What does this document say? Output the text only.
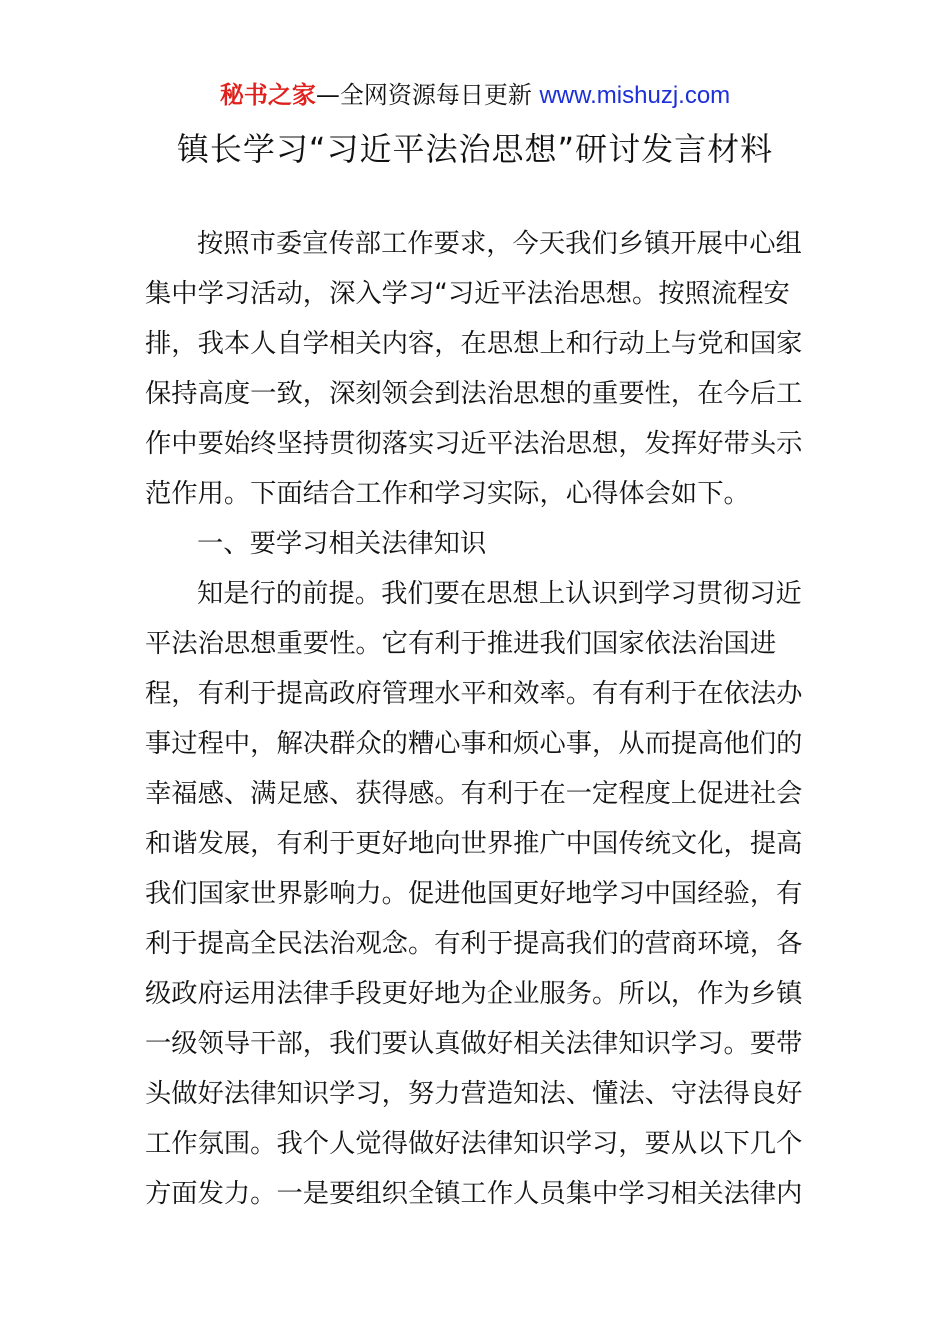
秘书之家—全网资源每日更新 www.mishuzj.com
镇长学习“习近平法治思想”研讨发言材料
按照市委宣传部工作要求，今天我们乡镇开展中心组
集中学习活动，深入学习“习近平法治思想。按照流程安
排，我本人自学相关内容，在思想上和行动上与党和国家
保持高度一致，深刻领会到法治思想的重要性，在今后工
作中要始终坚持贯彻落实习近平法治思想，发挥好带头示
范作用。下面结合工作和学习实际，心得体会如下。
一、要学习相关法律知识
知是行的前提。我们要在思想上认识到学习贯彻习近
平法治思想重要性。它有利于推进我们国家依法治国进
程，有利于提高政府管理水平和效率。有有利于在依法办
事过程中，解决群众的糟心事和烦心事，从而提高他们的
幸福感、满足感、获得感。有利于在一定程度上促进社会
和谐发展，有利于更好地向世界推广中国传统文化，提高
我们国家世界影响力。促进他国更好地学习中国经验，有
利于提高全民法治观念。有利于提高我们的营商环境，各
级政府运用法律手段更好地为企业服务。所以，作为乡镇
一级领导干部，我们要认真做好相关法律知识学习。要带
头做好法律知识学习，努力营造知法、懂法、守法得良好
工作氛围。我个人觉得做好法律知识学习，要从以下几个
方面发力。一是要组织全镇工作人员集中学习相关法律内
